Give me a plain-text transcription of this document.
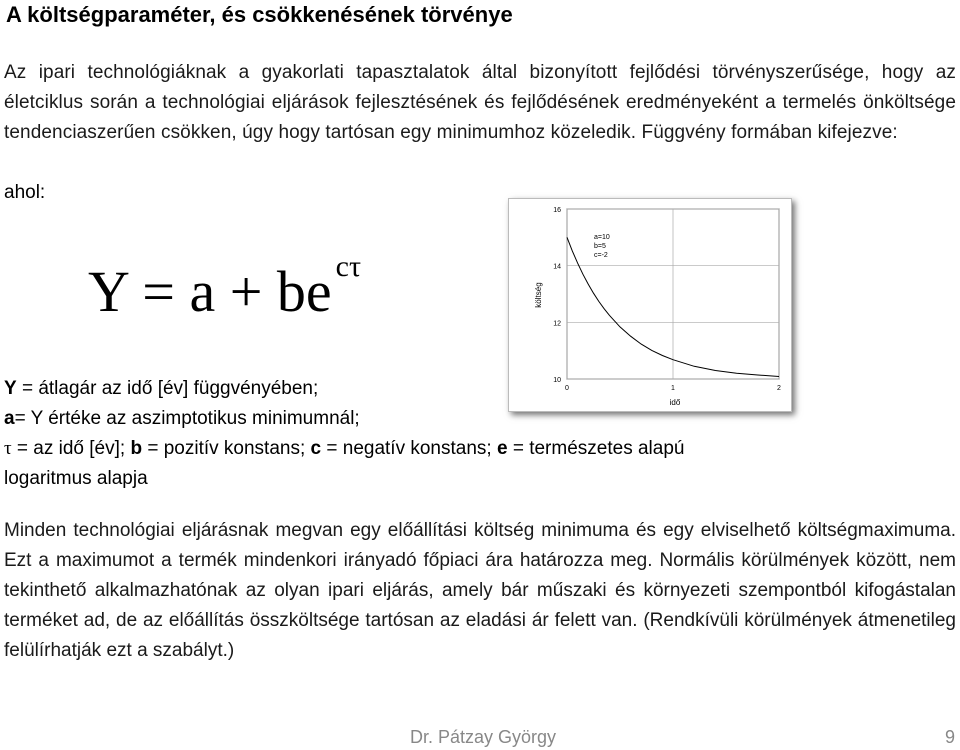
A költségparaméter, és csökkenésének törvénye

Az ipari technológiáknak a gyakorlati tapasztalatok által bizonyított fejlődési törvényszerűsége, hogy az életciklus során a technológiai eljárások fejlesztésének és fejlődésének eredményeként a termelés önköltsége tendenciaszerűen csökken, úgy hogy tartósan egy minimumhoz közeledik. Függvény formában kifejezve:

ahol:
Y = a + be cτ
költség
idő
10
12
14
16
0	1	2
a=10
b=5
c=-2
Y = átlagár az idő [év] függvényében;
a= Y értéke az aszimptotikus minimumnál;
τ = az idő [év]; b = pozitív konstans; c = negatív konstans; e = természetes alapú
logaritmus alapja

Minden technológiai eljárásnak megvan egy előállítási költség minimuma és egy elviselhető költségmaximuma. Ezt a maximumot a termék mindenkori irányadó főpiaci ára határozza meg. Normális körülmények között, nem tekinthető alkalmazhatónak az olyan ipari eljárás, amely bár műszaki és környezeti szempontból kifogástalan terméket ad, de az előállítás összköltsége tartósan az eladási ár felett van. (Rendkívüli körülmények átmenetileg felülírhatják ezt a szabályt.)

Dr. Pátzay György	9
